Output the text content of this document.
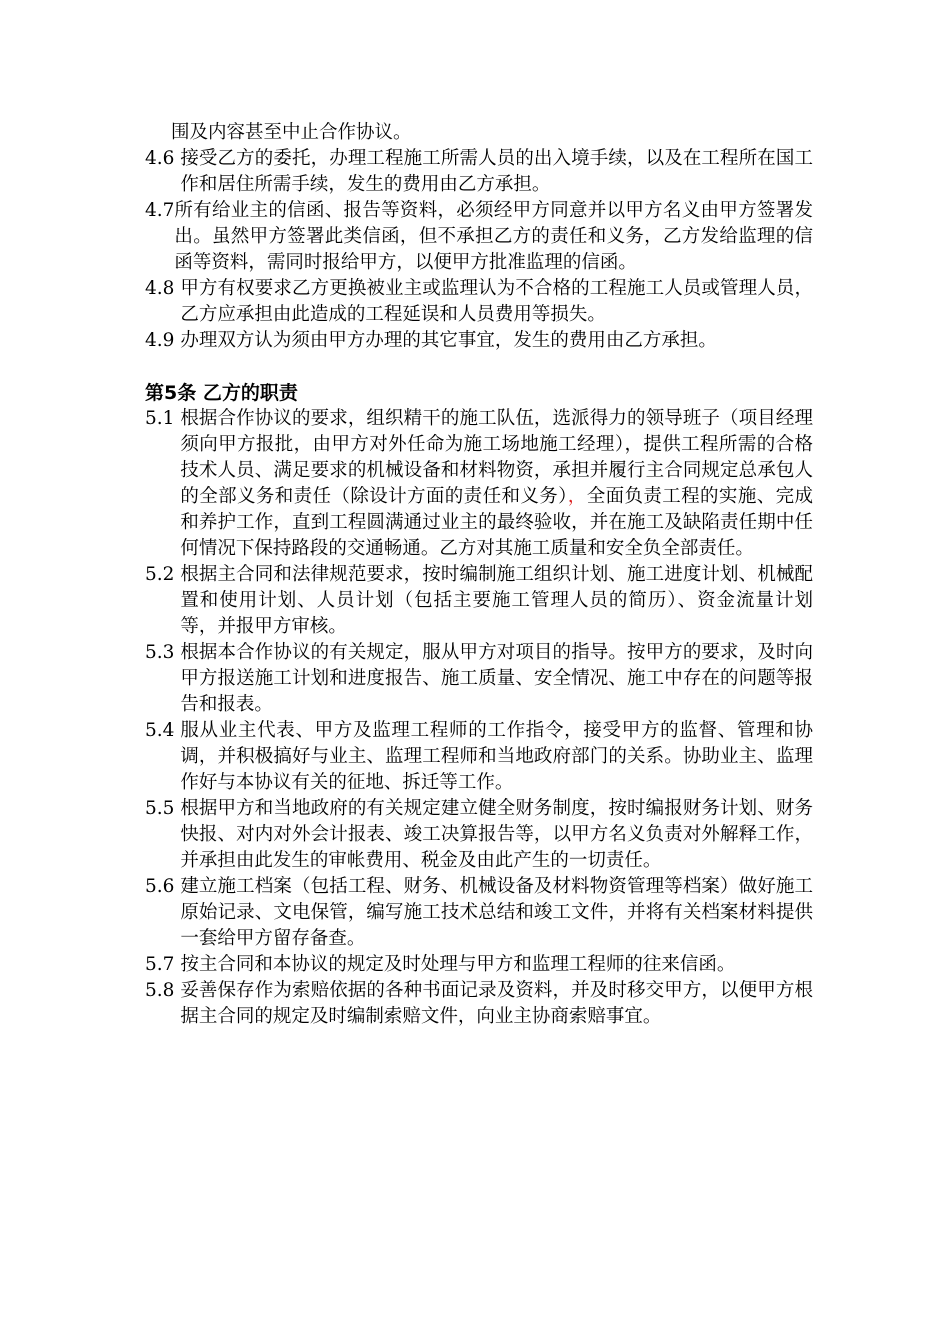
围及内容甚至中止合作协议。
4.6 接受乙方的委托，办理工程施工所需人员的出入境手续，以及在工程所在国工作和居住所需手续，发生的费用由乙方承担。
4.7 所有给业主的信函、报告等资料，必须经甲方同意并以甲方名义由甲方签署发出。虽然甲方签署此类信函，但不承担乙方的责任和义务，乙方发给监理的信函等资料，需同时报给甲方，以便甲方批准监理的信函。
4.8 甲方有权要求乙方更换被业主或监理认为不合格的工程施工人员或管理人员，乙方应承担由此造成的工程延误和人员费用等损失。
4.9 办理双方认为须由甲方办理的其它事宜，发生的费用由乙方承担。
第5条 乙方的职责
5.1 根据合作协议的要求，组织精干的施工队伍，选派得力的领导班子（项目经理须向甲方报批，由甲方对外任命为施工场地施工经理），提供工程所需的合格技术人员、满足要求的机械设备和材料物资，承担并履行主合同规定总承包人的全部义务和责任（除设计方面的责任和义务），全面负责工程的实施、完成和养护工作，直到工程圆满通过业主的最终验收，并在施工及缺陷责任期中任何情况下保持路段的交通畅通。乙方对其施工质量和安全负全部责任。
5.2 根据主合同和法律规范要求，按时编制施工组织计划、施工进度计划、机械配置和使用计划、人员计划（包括主要施工管理人员的简历）、资金流量计划等，并报甲方审核。
5.3 根据本合作协议的有关规定，服从甲方对项目的指导。按甲方的要求，及时向甲方报送施工计划和进度报告、施工质量、安全情况、施工中存在的问题等报告和报表。
5.4 服从业主代表、甲方及监理工程师的工作指令，接受甲方的监督、管理和协调，并积极搞好与业主、监理工程师和当地政府部门的关系。协助业主、监理作好与本协议有关的征地、拆迁等工作。
5.5 根据甲方和当地政府的有关规定建立健全财务制度，按时编报财务计划、财务快报、对内对外会计报表、竣工决算报告等，以甲方名义负责对外解释工作，并承担由此发生的审帐费用、税金及由此产生的一切责任。
5.6 建立施工档案（包括工程、财务、机械设备及材料物资管理等档案）做好施工原始记录、文电保管，编写施工技术总结和竣工文件，并将有关档案材料提供一套给甲方留存备查。
5.7 按主合同和本协议的规定及时处理与甲方和监理工程师的往来信函。
5.8 妥善保存作为索赔依据的各种书面记录及资料，并及时移交甲方，以便甲方根据主合同的规定及时编制索赔文件，向业主协商索赔事宜。
